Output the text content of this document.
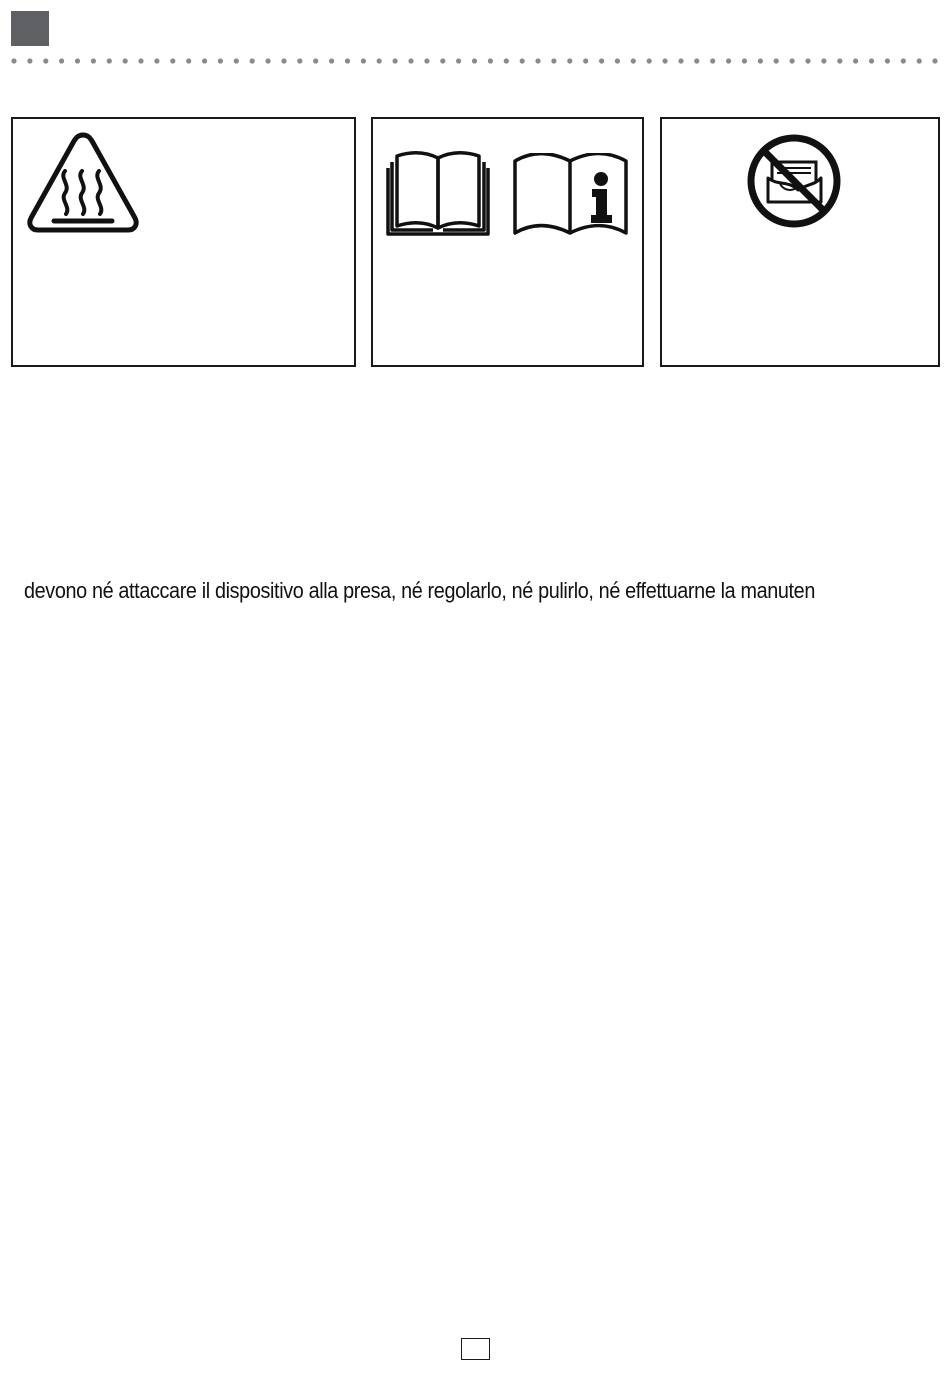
devono né attaccare il dispositivo alla presa, né regolarlo, né pulirlo, né effettuarne la manuten
